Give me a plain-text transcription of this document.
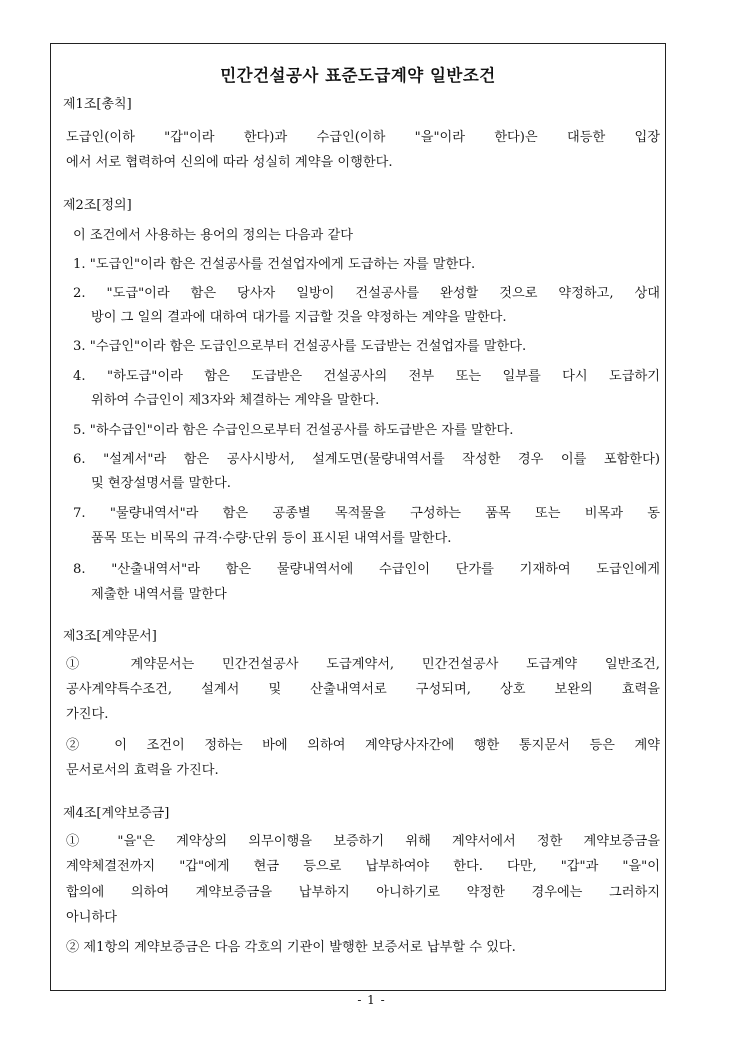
민간건설공사 표준도급계약 일반조건
제1조[총칙]
도급인(이하 "갑"이라 한다)과 수급인(이하 "을"이라 한다)은 대등한 입장
에서 서로 협력하여 신의에 따라 성실히 계약을 이행한다.
제2조[정의]
이 조건에서 사용하는 용어의 정의는 다음과 같다
1. "도급인"이라 함은 건설공사를 건설업자에게 도급하는 자를 말한다.
2. "도급"이라 함은 당사자 일방이 건설공사를 완성할 것으로 약정하고, 상대
방이 그 일의 결과에 대하여 대가를 지급할 것을 약정하는 계약을 말한다.
3. "수급인"이라 함은 도급인으로부터 건설공사를 도급받는 건설업자를 말한다.
4. "하도급"이라 함은 도급받은 건설공사의 전부 또는 일부를 다시 도급하기
위하여 수급인이 제3자와 체결하는 계약을 말한다.
5. "하수급인"이라 함은 수급인으로부터 건설공사를 하도급받은 자를 말한다.
6. "설계서"라 함은 공사시방서, 설계도면(물량내역서를 작성한 경우 이를 포함한다)
및 현장설명서를 말한다.
7. "물량내역서"라 함은 공종별 목적물을 구성하는 품목 또는 비목과 동
품목 또는 비목의 규격·수량·단위 등이 표시된 내역서를 말한다.
8. "산출내역서"라 함은 물량내역서에 수급인이 단가를 기재하여 도급인에게
제출한 내역서를 말한다
제3조[계약문서]
① 계약문서는 민간건설공사 도급계약서, 민간건설공사 도급계약 일반조건,
공사계약특수조건, 설계서 및 산출내역서로 구성되며, 상호 보완의 효력을
가진다.
② 이 조건이 정하는 바에 의하여 계약당사자간에 행한 통지문서 등은 계약
문서로서의 효력을 가진다.
제4조[계약보증금]
① "을"은 계약상의 의무이행을 보증하기 위해 계약서에서 정한 계약보증금을
계약체결전까지 "갑"에게 현금 등으로 납부하여야 한다. 다만, "갑"과 "을"이
합의에 의하여 계약보증금을 납부하지 아니하기로 약정한 경우에는 그러하지
아니하다
② 제1항의 계약보증금은 다음 각호의 기관이 발행한 보증서로 납부할 수 있다.
- 1 -
